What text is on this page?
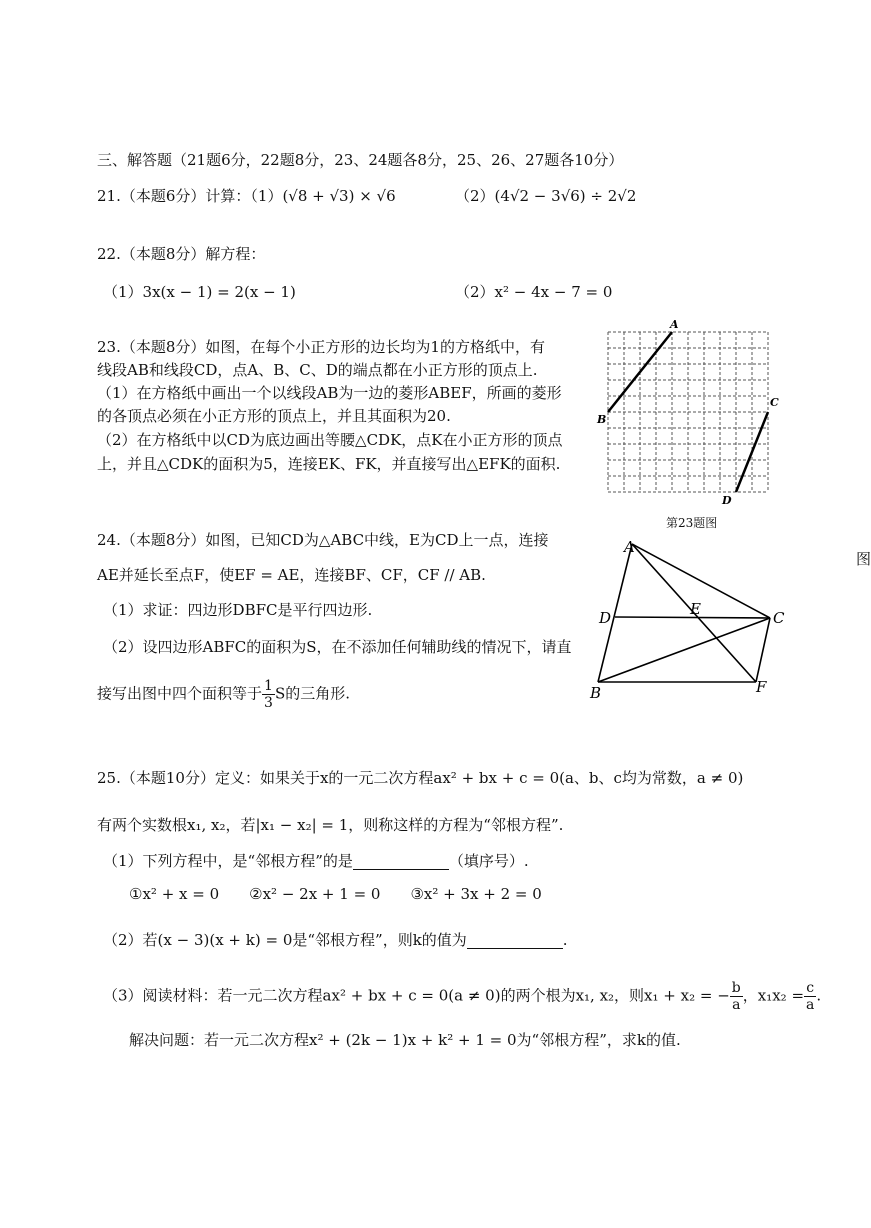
三、解答题（21题6分，22题8分，23、24题各8分，25、26、27题各10分）
21.（本题6分）计算：（1）(√8 + √3) × √6	（2）(4√2 − 3√6) ÷ 2√2
22.（本题8分）解方程：
（1）3x(x − 1) = 2(x − 1)	（2）x² − 4x − 7 = 0
23.（本题8分）如图，在每个小正方形的边长均为1的方格纸中，有
线段AB和线段CD，点A、B、C、D的端点都在小正方形的顶点上.
（1）在方格纸中画出一个以线段AB为一边的菱形ABEF，所画的菱形
的各顶点必须在小正方形的顶点上，并且其面积为20.
（2）在方格纸中以CD为底边画出等腰△CDK，点K在小正方形的顶点
上，并且△CDK的面积为5，连接EK、FK，并直接写出△EFK的面积.
A
B
C
D
第23题图
24.（本题8分）如图，已知CD为△ABC中线，E为CD上一点，连接
AE并延长至点F，使EF = AE，连接BF、CF，CF // AB.
（1）求证：四边形DBFC是平行四边形.
（2）设四边形ABFC的面积为S，在不添加任何辅助线的情况下，请直
接写出图中四个面积等于 $\frac{1}{3}$ S的三角形.
图
A
B
C
D	E
F
25.（本题10分）定义：如果关于x的一元二次方程ax² + bx + c = 0(a、b、c均为常数，a ≠ 0)
有两个实数根x₁, x₂，若|x₁ − x₂| = 1，则称这样的方程为“邻根方程”.
（1）下列方程中，是“邻根方程”的是	（填序号）.
①x² + x = 0　　②x² − 2x + 1 = 0　　③x² + 3x + 2 = 0
（2）若(x − 3)(x + k) = 0是“邻根方程”，则k的值为	.
（3）阅读材料：若一元二次方程ax² + bx + c = 0(a ≠ 0)的两个根为x₁, x₂，则x₁ + x₂ = − $\frac{b}{a}$ ，$x_1x_2 = \frac{c}{a}$ .
解决问题：若一元二次方程x² + (2k − 1)x + k² + 1 = 0为“邻根方程”，求k的值.
